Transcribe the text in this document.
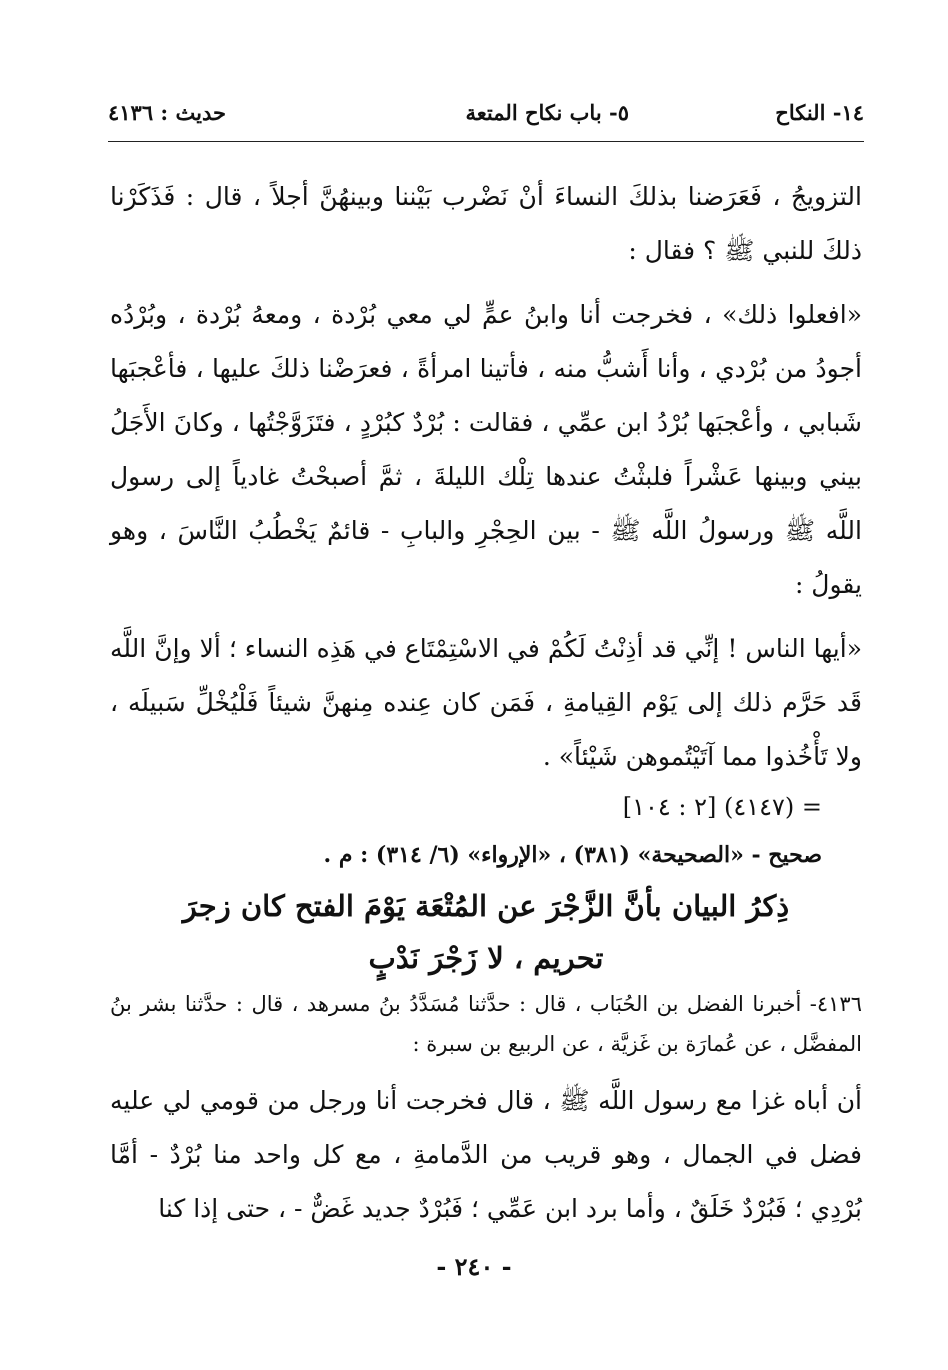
١٤- النكاح
٥- باب نكاح المتعة
حديث : ٤١٣٦

التزويجُ ، فَعَرَضنا بذلكَ النساءَ أنْ نَضْرب بَيْننا وبينهُنَّ أجلاً ، قال : فَذَكَرْنا ذلكَ للنبي ﷺ ؟ فقال :

«افعلوا ذلك» ، فخرجت أنا وابنُ عمٍّ لي معي بُرْدة ، ومعهُ بُرْدة ، وبُرْدُه أجودُ من بُرْدي ، وأنا أَشبُّ منه ، فأتينا امرأةً ، فعرَضْنا ذلكَ عليها ، فأعْجبَها شَبابي ، وأعْجبَها بُرْدُ ابن عمِّي ، فقالت : بُرْدٌ كبُرْدٍ ، فتَزَوَّجْتُها ، وكانَ الأَجَلُ بيني وبينها عَشْراً فلبثْتُ عندها تِلْك الليلةَ ، ثمَّ أصبحْتُ غادياً إلى رسول اللَّه ﷺ ورسولُ اللَّه ﷺ - بين الحِجْرِ والبابِ - قائمٌ يَخْطُبُ النَّاسَ ، وهو يقولُ :

«أيها الناس ! إنِّي قد أذِنْتُ لَكُمْ في الاسْتِمْتَاع في هَذِه النساء ؛ ألا وإنَّ اللَّه قَد حَرَّم ذلك إلى يَوْم القِيامةِ ، فَمَن كان عِنده مِنهنَّ شيئاً فَلْيُخْلِّ سَبيلَه ، ولا تَأْخُذوا مما آتَيْتُموهن شَيْئاً» .

= (٤١٤٧) [٢ : ١٠٤]

صحيح - «الصحيحة» (٣٨١) ، «الإرواء» (٦/ ٣١٤) : م .

ذِكرُ البيان بأنَّ الزَّجْرَ عن المُتْعَة يَوْمَ الفتح كان زجرَ

تحريم ، لا زَجْرَ نَدْبٍ

٤١٣٦- أخبرنا الفضل بن الحُبَاب ، قال : حدَّثنا مُسَدَّدُ بنُ مسرهد ، قال : حدَّثنا بشر بنُ المفضَّل ، عن عُمارَة بن غَزيَّة ، عن الربيع بن سبرة :

أن أباه غزا مع رسول اللَّه ﷺ ، قال فخرجت أنا ورجل من قومي لي عليه فضل في الجمال ، وهو قريب من الدَّمامةِ ، مع كل واحد منا بُرْدٌ - أمَّا بُرْدِي ؛ فَبُرْدٌ خَلَقٌ ، وأما برد ابن عَمِّي ؛ فَبُرْدٌ جديد غَضٌّ - ، حتى إذا كنا

- ٢٤٠ -
